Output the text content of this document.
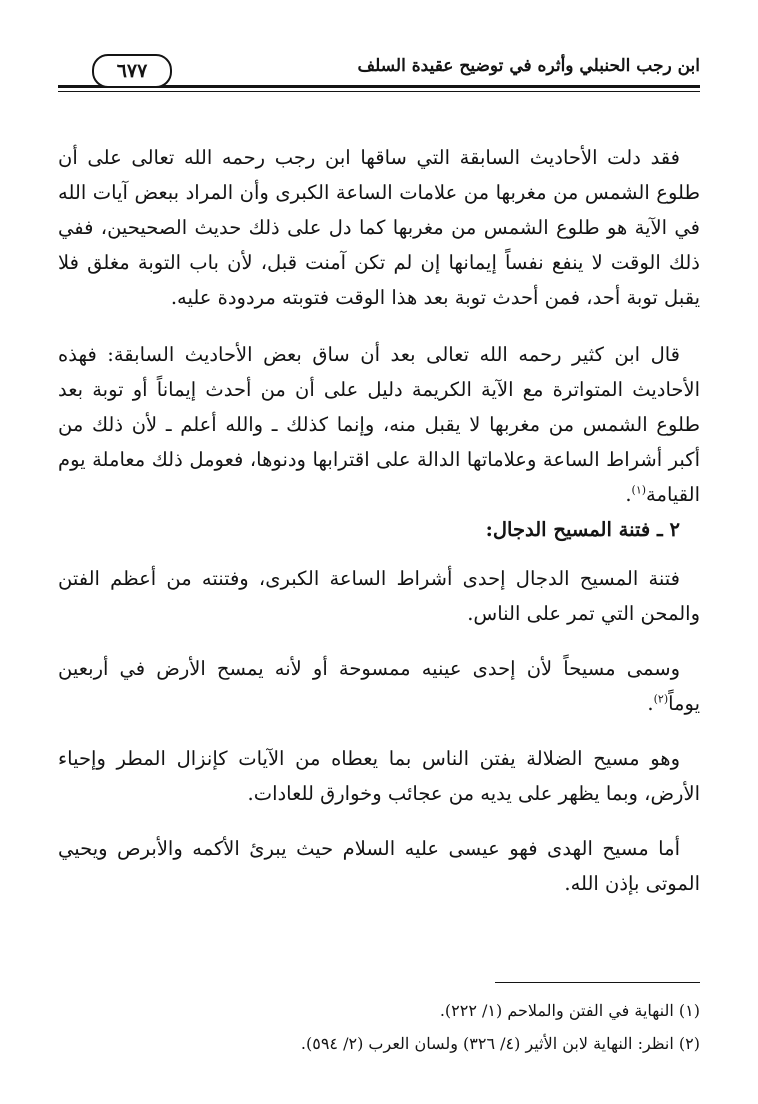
ابن رجب الحنبلي وأثره في توضيح عقيدة السلف
٦٧٧

فقد دلت الأحاديث السابقة التي ساقها ابن رجب رحمه الله تعالى على أن طلوع الشمس من مغربها من علامات الساعة الكبرى وأن المراد ببعض آيات الله في الآية هو طلوع الشمس من مغربها كما دل على ذلك حديث الصحيحين، ففي ذلك الوقت لا ينفع نفساً إيمانها إن لم تكن آمنت قبل، لأن باب التوبة مغلق فلا يقبل توبة أحد، فمن أحدث توبة بعد هذا الوقت فتوبته مردودة عليه.

قال ابن كثير رحمه الله تعالى بعد أن ساق بعض الأحاديث السابقة: فهذه الأحاديث المتواترة مع الآية الكريمة دليل على أن من أحدث إيماناً أو توبة بعد طلوع الشمس من مغربها لا يقبل منه، وإنما كذلك ـ والله أعلم ـ لأن ذلك من أكبر أشراط الساعة وعلاماتها الدالة على اقترابها ودنوها، فعومل ذلك معاملة يوم القيامة$^{(١)}$.

٢ ـ فتنة المسيح الدجال:

فتنة المسيح الدجال إحدى أشراط الساعة الكبرى، وفتنته من أعظم الفتن والمحن التي تمر على الناس.

وسمى مسيحاً لأن إحدى عينيه ممسوحة أو لأنه يمسح الأرض في أربعين يوماً$^{(٢)}$.

وهو مسيح الضلالة يفتن الناس بما يعطاه من الآيات كإنزال المطر وإحياء الأرض، وبما يظهر على يديه من عجائب وخوارق للعادات.

أما مسيح الهدى فهو عيسى عليه السلام حيث يبرئ الأكمه والأبرص ويحيي الموتى بإذن الله.

(١) النهاية في الفتن والملاحم (١/ ٢٢٢).

(٢) انظر: النهاية لابن الأثير (٤/ ٣٢٦) ولسان العرب (٢/ ٥٩٤).
